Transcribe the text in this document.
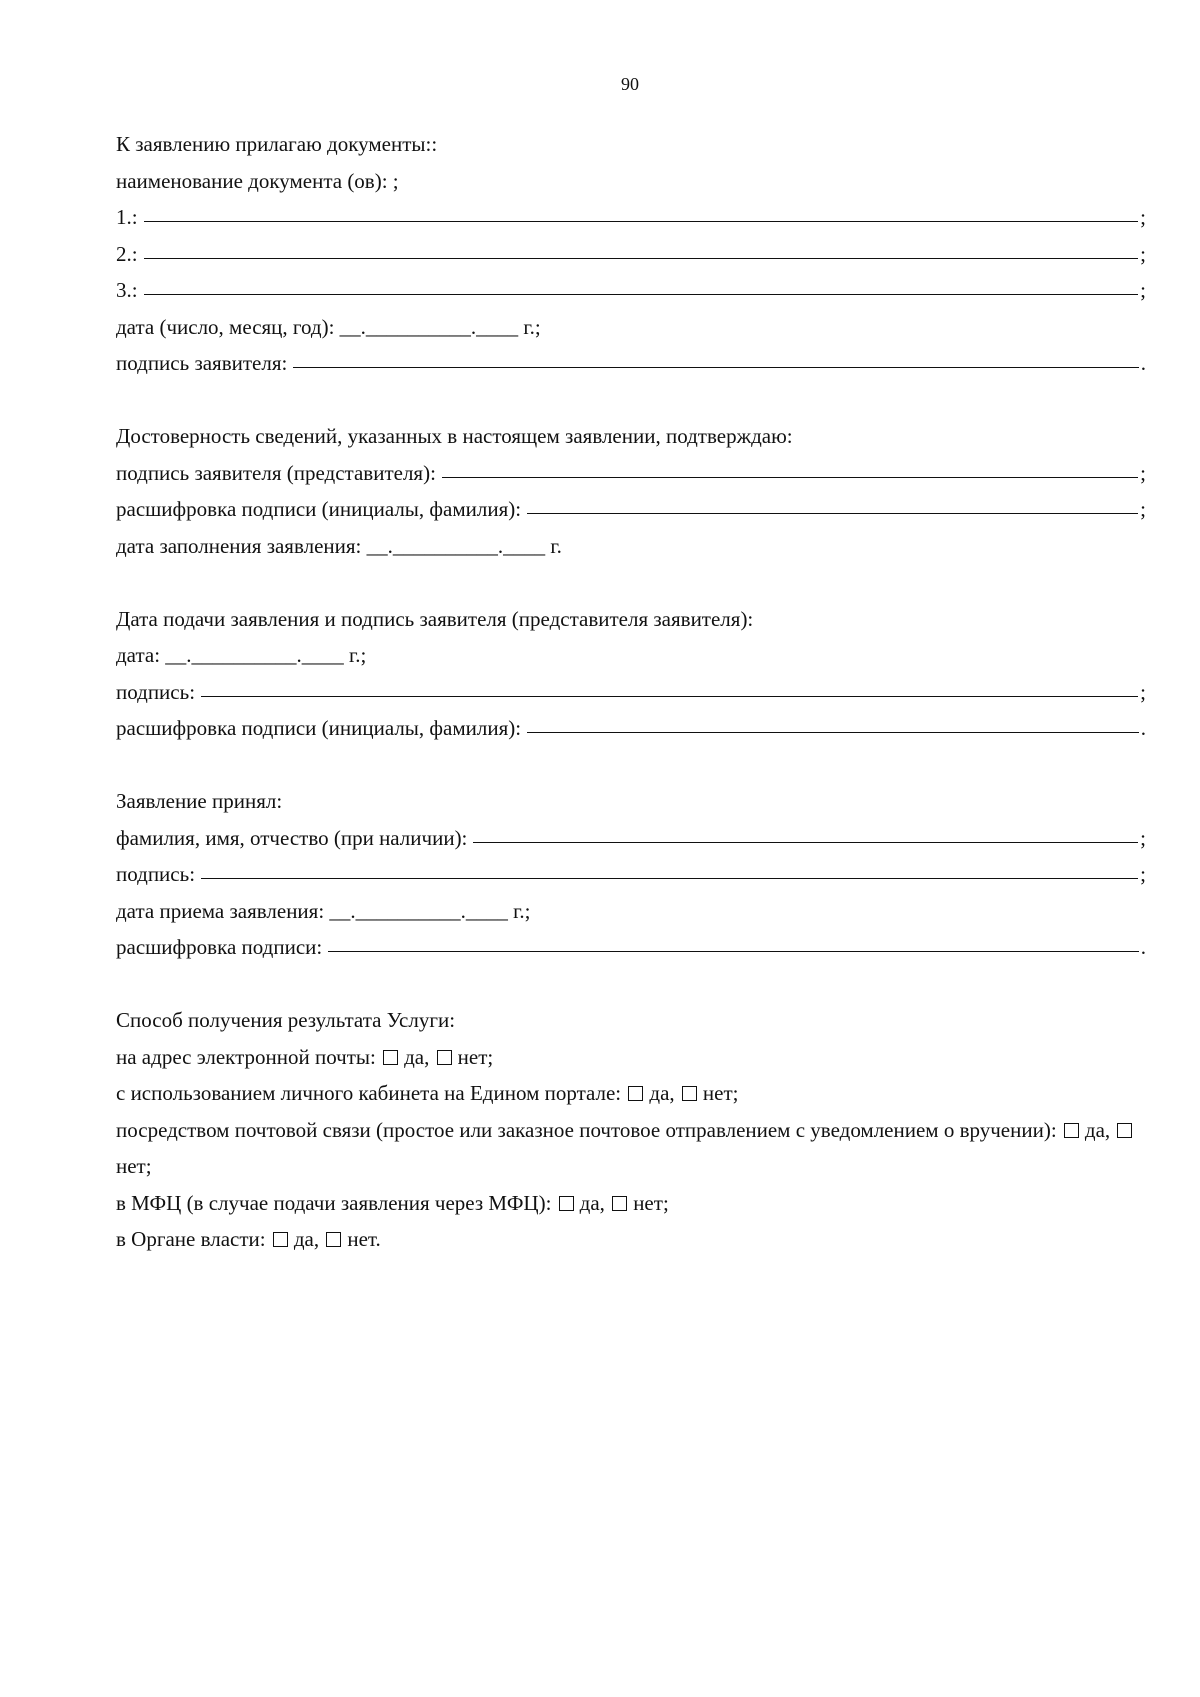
90
К заявлению прилагаю документы::
наименование документа (ов): ;
1.:	;
2.:	;
3.:	;
дата (число, месяц, год): __.__________.____ г.;
подпись заявителя:	.
Достоверность сведений, указанных в настоящем заявлении, подтверждаю:
подпись заявителя (представителя):	;
расшифровка подписи (инициалы, фамилия):	;
дата заполнения заявления: __.__________.____ г.
Дата подачи заявления и подпись заявителя (представителя заявителя):
дата: __.__________.____ г.;
подпись:	;
расшифровка подписи (инициалы, фамилия):	.
Заявление принял:
фамилия, имя, отчество (при наличии):	;
подпись:	;
дата приема заявления: __.__________.____ г.;
расшифровка подписи:	.
Способ получения результата Услуги:
на адрес электронной почты: да, нет;
с использованием личного кабинета на Едином портале: да, нет;
посредством почтовой связи (простое или заказное почтовое отправлением с уведомлением о вручении): да, нет;
в МФЦ (в случае подачи заявления через МФЦ): да, нет;
в Органе власти: да, нет.
